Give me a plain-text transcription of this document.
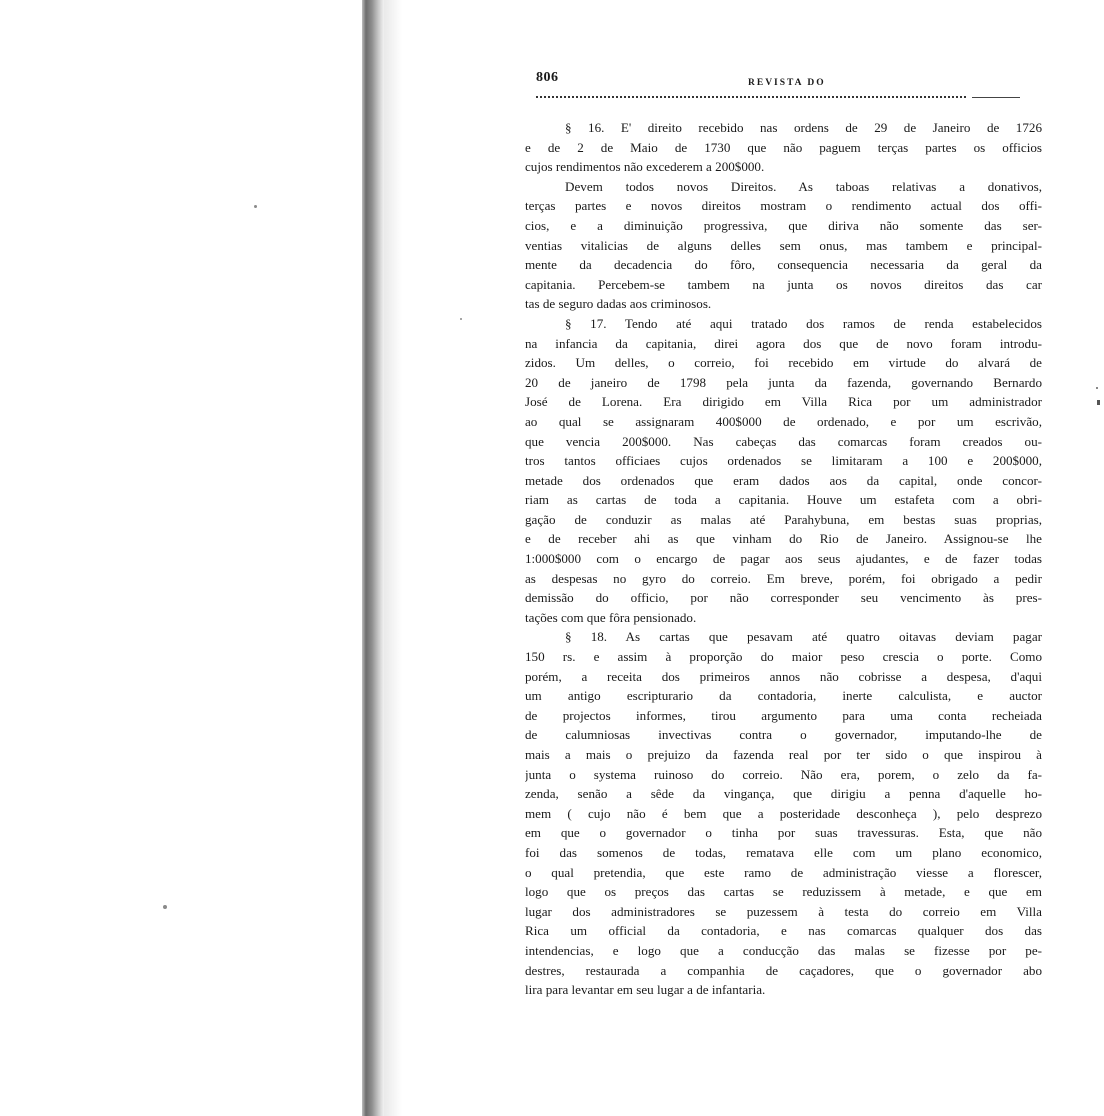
806	REVISTA DO
§ 16. E' direito recebido nas ordens de 29 de Janeiro de 1726
e de 2 de Maio de 1730 que não paguem terças partes os officios
cujos rendimentos não excederem a 200$000.
Devem todos novos Direitos. As taboas relativas a donativos,
terças partes e novos direitos mostram o rendimento actual dos offi-
cios, e a diminuição progressiva, que diriva não somente das ser-
ventias vitalicias de alguns delles sem onus, mas tambem e principal-
mente da decadencia do fôro, consequencia necessaria da geral da
capitania. Percebem-se tambem na junta os novos direitos das car
tas de seguro dadas aos criminosos.
§ 17. Tendo até aqui tratado dos ramos de renda estabelecidos
na infancia da capitania, direi agora dos que de novo foram introdu-
zidos. Um delles, o correio, foi recebido em virtude do alvará de
20 de janeiro de 1798 pela junta da fazenda, governando Bernardo
José de Lorena. Era dirigido em Villa Rica por um administrador
ao qual se assignaram 400$000 de ordenado, e por um escrivão,
que vencia 200$000. Nas cabeças das comarcas foram creados ou-
tros tantos officiaes cujos ordenados se limitaram a 100 e 200$000,
metade dos ordenados que eram dados aos da capital, onde concor-
riam as cartas de toda a capitania. Houve um estafeta com a obri-
gação de conduzir as malas até Parahybuna, em bestas suas proprias,
e de receber ahi as que vinham do Rio de Janeiro. Assignou-se lhe
1:000$000 com o encargo de pagar aos seus ajudantes, e de fazer todas
as despesas no gyro do correio. Em breve, porém, foi obrigado a pedir
demissão do officio, por não corresponder seu vencimento às pres-
tações com que fôra pensionado.
§ 18. As cartas que pesavam até quatro oitavas deviam pagar
150 rs. e assim à proporção do maior peso crescia o porte. Como
porém, a receita dos primeiros annos não cobrisse a despesa, d'aqui
um antigo escripturario da contadoria, inerte calculista, e auctor
de projectos informes, tirou argumento para uma conta recheiada
de calumniosas invectivas contra o governador, imputando-lhe de
mais a mais o prejuizo da fazenda real por ter sido o que inspirou à
junta o systema ruinoso do correio. Não era, porem, o zelo da fa-
zenda, senão a sêde da vingança, que dirigiu a penna d'aquelle ho-
mem ( cujo não é bem que a posteridade desconheça ), pelo desprezo
em que o governador o tinha por suas travessuras. Esta, que não
foi das somenos de todas, rematava elle com um plano economico,
o qual pretendia, que este ramo de administração viesse a florescer,
logo que os preços das cartas se reduzissem à metade, e que em
lugar dos administradores se puzessem à testa do correio em Villa
Rica um official da contadoria, e nas comarcas qualquer dos das
intendencias, e logo que a conducção das malas se fizesse por pe-
destres, restaurada a companhia de caçadores, que o governador abo
lira para levantar em seu lugar a de infantaria.
